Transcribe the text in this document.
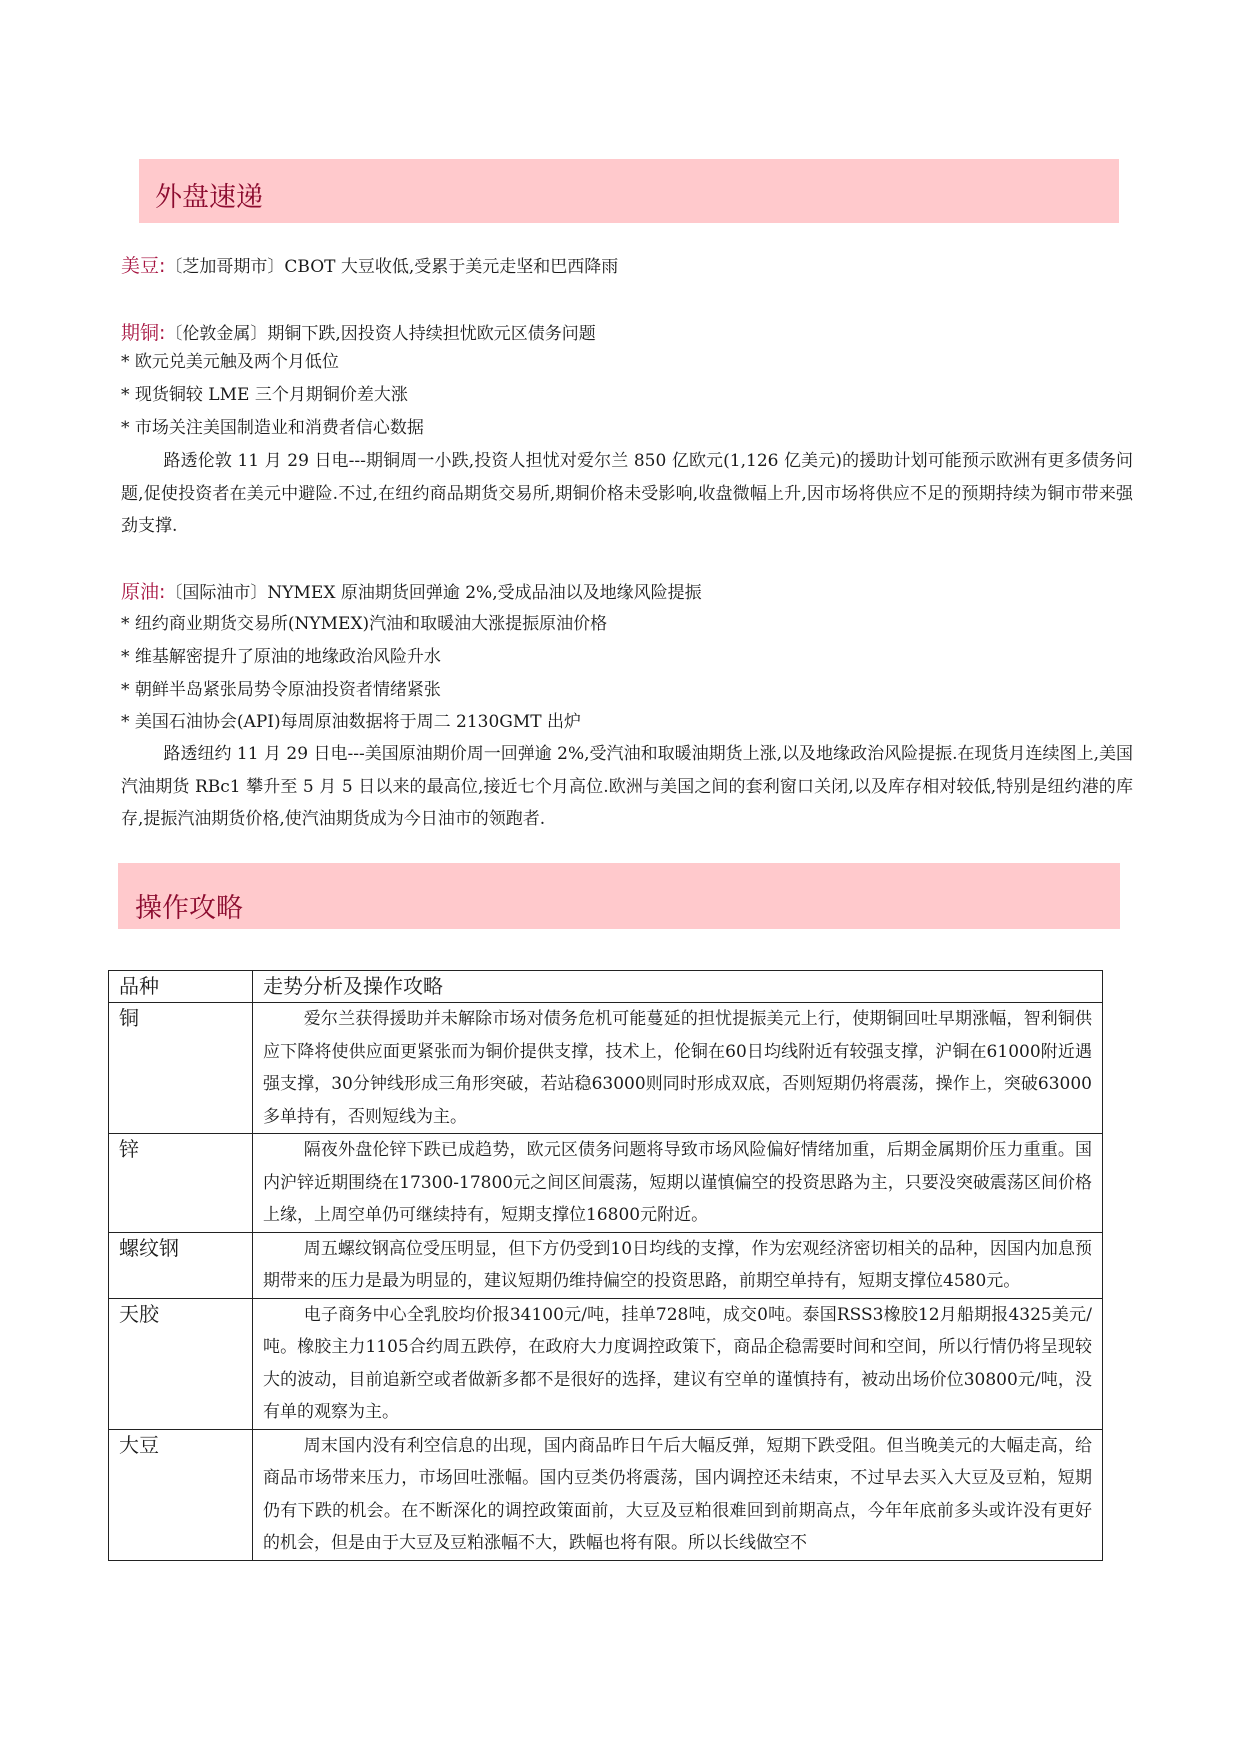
外盘速递
美豆:〔芝加哥期市〕CBOT 大豆收低,受累于美元走坚和巴西降雨
期铜:〔伦敦金属〕期铜下跌,因投资人持续担忧欧元区债务问题
* 欧元兑美元触及两个月低位
* 现货铜较 LME 三个月期铜价差大涨
* 市场关注美国制造业和消费者信心数据
路透伦敦 11 月 29 日电---期铜周一小跌,投资人担忧对爱尔兰 850 亿欧元(1,126 亿美元)的援助计划可能预示欧洲有更多债务问题,促使投资者在美元中避险.不过,在纽约商品期货交易所,期铜价格未受影响,收盘微幅上升,因市场将供应不足的预期持续为铜市带来强劲支撑.
原油:〔国际油市〕NYMEX 原油期货回弹逾 2%,受成品油以及地缘风险提振
* 纽约商业期货交易所(NYMEX)汽油和取暖油大涨提振原油价格
* 维基解密提升了原油的地缘政治风险升水
* 朝鲜半岛紧张局势令原油投资者情绪紧张
* 美国石油协会(API)每周原油数据将于周二 2130GMT 出炉
路透纽约 11 月 29 日电---美国原油期价周一回弹逾 2%,受汽油和取暖油期货上涨,以及地缘政治风险提振.在现货月连续图上,美国汽油期货 RBc1 攀升至 5 月 5 日以来的最高位,接近七个月高位.欧洲与美国之间的套利窗口关闭,以及库存相对较低,特别是纽约港的库存,提振汽油期货价格,使汽油期货成为今日油市的领跑者.
操作攻略
品种	走势分析及操作攻略
铜	爱尔兰获得援助并未解除市场对债务危机可能蔓延的担忧提振美元上行，使期铜回吐早期涨幅，智利铜供应下降将使供应面更紧张而为铜价提供支撑，技术上，伦铜在60日均线附近有较强支撑，沪铜在61000附近遇强支撑，30分钟线形成三角形突破，若站稳63000则同时形成双底，否则短期仍将震荡，操作上，突破63000多单持有，否则短线为主。

锌	隔夜外盘伦锌下跌已成趋势，欧元区债务问题将导致市场风险偏好情绪加重，后期金属期价压力重重。国内沪锌近期围绕在17300-17800元之间区间震荡，短期以谨慎偏空的投资思路为主，只要没突破震荡区间价格上缘，上周空单仍可继续持有，短期支撑位16800元附近。

螺纹钢	周五螺纹钢高位受压明显，但下方仍受到10日均线的支撑，作为宏观经济密切相关的品种，因国内加息预期带来的压力是最为明显的，建议短期仍维持偏空的投资思路，前期空单持有，短期支撑位4580元。

天胶	电子商务中心全乳胶均价报34100元/吨，挂单728吨，成交0吨。泰国RSS3橡胶12月船期报4325美元/吨。橡胶主力1105合约周五跌停，在政府大力度调控政策下，商品企稳需要时间和空间，所以行情仍将呈现较大的波动，目前追新空或者做新多都不是很好的选择，建议有空单的谨慎持有，被动出场价位30800元/吨，没有单的观察为主。

大豆	周末国内没有利空信息的出现，国内商品昨日午后大幅反弹，短期下跌受阻。但当晚美元的大幅走高，给商品市场带来压力，市场回吐涨幅。国内豆类仍将震荡，国内调控还未结束，不过早去买入大豆及豆粕，短期仍有下跌的机会。在不断深化的调控政策面前，大豆及豆粕很难回到前期高点，今年年底前多头或许没有更好的机会，但是由于大豆及豆粕涨幅不大，跌幅也将有限。所以长线做空不
